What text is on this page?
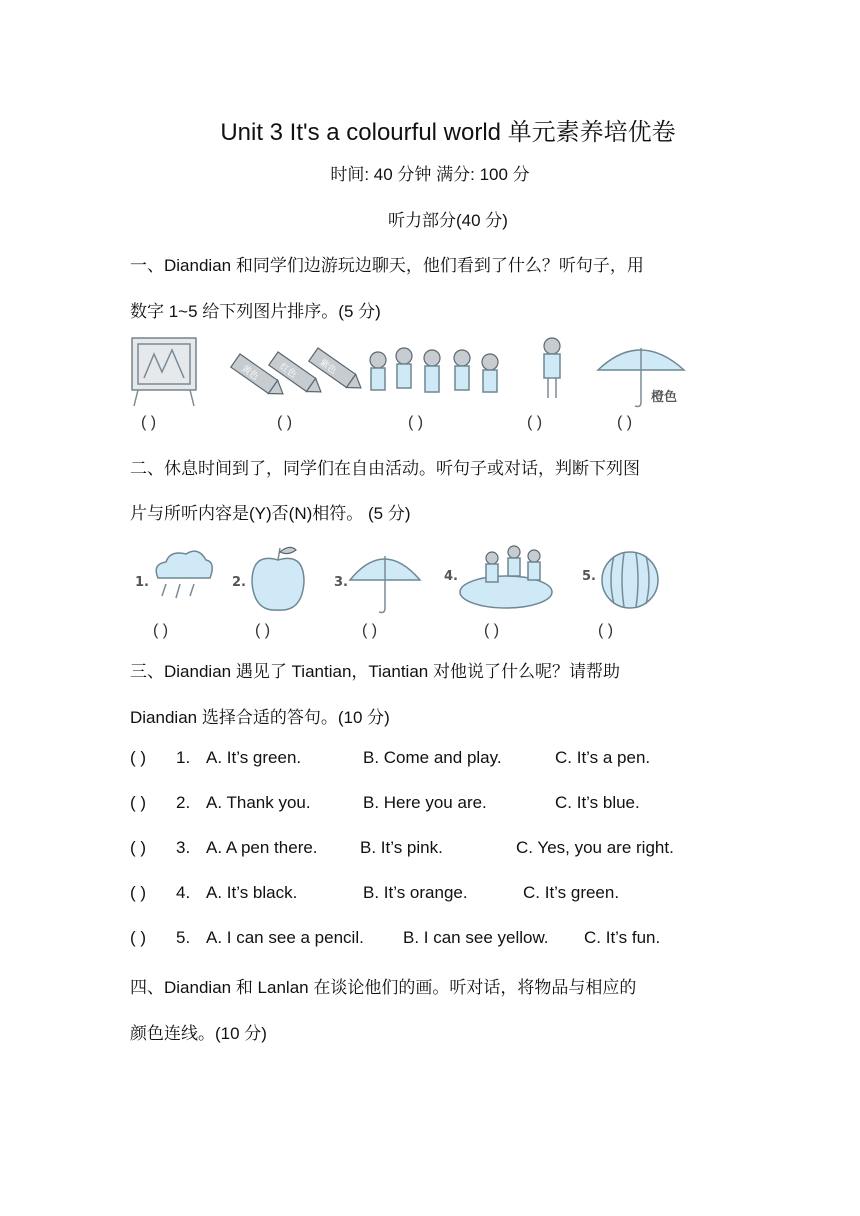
Unit 3 It's a colourful world 单元素养培优卷
时间: 40 分钟 满分: 100 分
听力部分(40 分)
一、Diandian 和同学们边游玩边聊天，他们看到了什么？听句子，用
数字 1~5 给下列图片排序。(5 分)
黄色 红色 紫色
橙色
( )	( )	( )	( )	( )
二、休息时间到了，同学们在自由活动。听句子或对话，判断下列图
片与所听内容是(Y)否(N)相符。 (5 分)
1.	2.	3.	4.	5.
( )	( )	( )	( )	( )
三、Diandian 遇见了 Tiantian，Tiantian 对他说了什么呢？请帮助
Diandian 选择合适的答句。(10 分)
( ) 1. A. It’s green.	B. Come and play.	C. It’s a pen.
( ) 2. A. Thank you.	B. Here you are.	C. It’s blue.
( ) 3. A. A pen there. B. It’s pink.	C. Yes, you are right.
( ) 4. A. It’s black.	B. It’s orange.	C. It’s green.
( ) 5. A. I can see a pencil. B. I can see yellow. C. It’s fun.
四、Diandian 和 Lanlan 在谈论他们的画。听对话，将物品与相应的
颜色连线。(10 分)
